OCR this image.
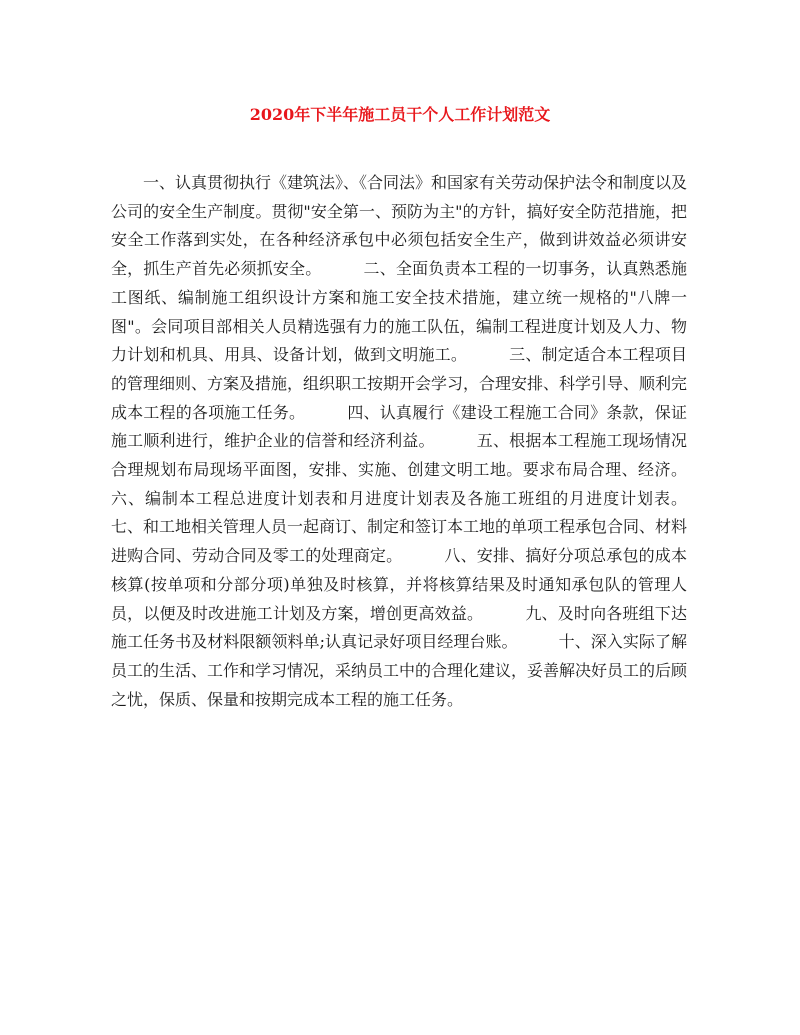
2020年下半年施工员干个人工作计划范文

一、认真贯彻执行《建筑法》、《合同法》和国家有关劳动保护法令和制度以及公司的安全生产制度。贯彻"安全第一、预防为主"的方针，搞好安全防范措施，把安全工作落到实处，在各种经济承包中必须包括安全生产，做到讲效益必须讲安全，抓生产首先必须抓安全。        二、全面负责本工程的一切事务，认真熟悉施工图纸、编制施工组织设计方案和施工安全技术措施，建立统一规格的"八牌一图"。会同项目部相关人员精选强有力的施工队伍，编制工程进度计划及人力、物力计划和机具、用具、设备计划，做到文明施工。        三、制定适合本工程项目的管理细则、方案及措施，组织职工按期开会学习，合理安排、科学引导、顺利完成本工程的各项施工任务。        四、认真履行《建设工程施工合同》条款，保证施工顺利进行，维护企业的信誉和经济利益。        五、根据本工程施工现场情况合理规划布局现场平面图，安排、实施、创建文明工地。要求布局合理、经济。        六、编制本工程总进度计划表和月进度计划表及各施工班组的月进度计划表。        七、和工地相关管理人员一起商订、制定和签订本工地的单项工程承包合同、材料进购合同、劳动合同及零工的处理商定。        八、安排、搞好分项总承包的成本核算(按单项和分部分项)单独及时核算，并将核算结果及时通知承包队的管理人员，以便及时改进施工计划及方案，增创更高效益。        九、及时向各班组下达施工任务书及材料限额领料单;认真记录好项目经理台账。        十、深入实际了解员工的生活、工作和学习情况，采纳员工中的合理化建议，妥善解决好员工的后顾之忧，保质、保量和按期完成本工程的施工任务。
